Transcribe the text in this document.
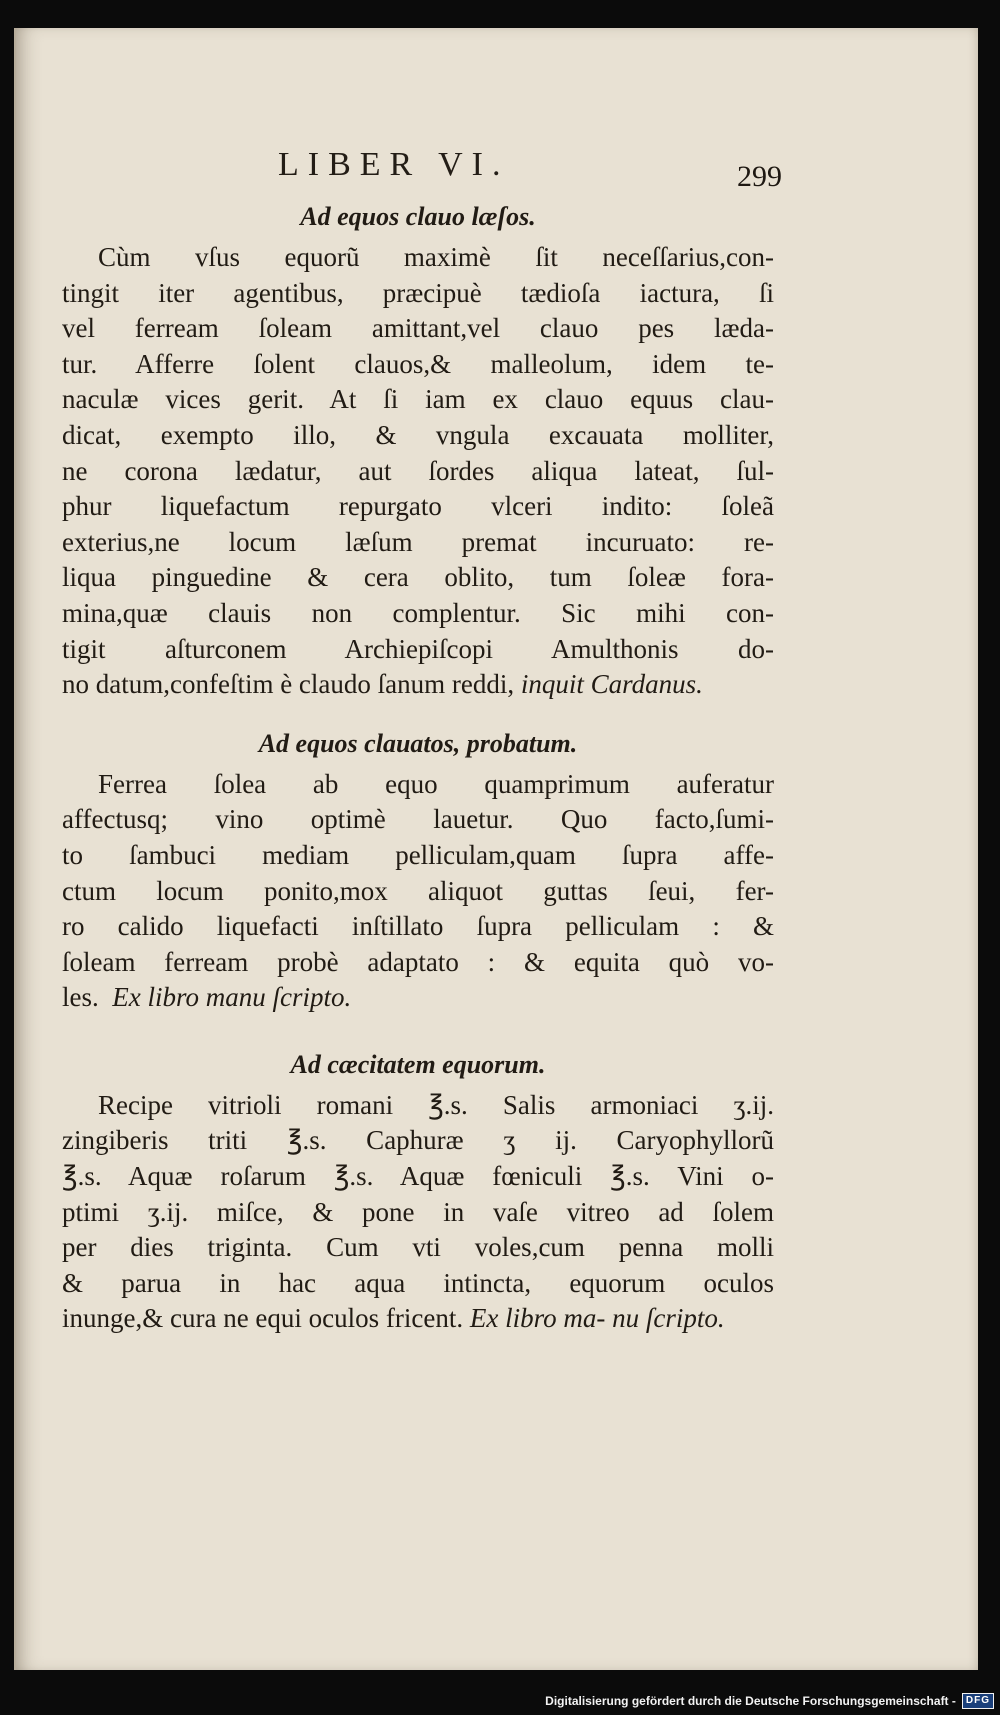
LIBER VI.	299
Ad equos clauo læſos.

Cùm vſus equorũ maximè ſit neceſſarius,con-
tingit iter agentibus, præcipuè tædioſa iactura, ſi
vel ferream ſoleam amittant,vel clauo pes læda-
tur. Afferre ſolent clauos,& malleolum, idem te-
naculæ vices gerit. At ſi iam ex clauo equus clau-
dicat, exempto illo, & vngula excauata molliter,
ne corona lædatur, aut ſordes aliqua lateat, ſul-
phur liquefactum repurgato vlceri indito: ſoleã
exterius,ne locum læſum premat incuruato: re-
liqua pinguedine & cera oblito, tum ſoleæ fora-
mina,quæ clauis non complentur. Sic mihi con-
tigit aſturconem Archiepiſcopi Amulthonis do-
no datum,confeſtim è claudo ſanum reddi, inquit Cardanus.

Ad equos clauatos, probatum.

Ferrea ſolea ab equo quamprimum auferatur
affectusq; vino optimè lauetur. Quo facto,ſumi-
to ſambuci mediam pelliculam,quam ſupra affe-
ctum locum ponito,mox aliquot guttas ſeui, fer-
ro calido liquefacti inſtillato ſupra pelliculam : &
ſoleam ferream probè adaptato : & equita quò vo-
les. Ex libro manu ſcripto.

Ad cæcitatem equorum.

Recipe vitrioli romani ℥.s. Salis armoniaci ʒ.ij.
zingiberis triti ℥.s. Caphuræ ʒ ij. Caryophyllorũ
℥.s. Aquæ roſarum ℥.s. Aquæ fœniculi ℥.s. Vini o-
ptimi ʒ.ij. miſce, & pone in vaſe vitreo ad ſolem
per dies triginta. Cum vti voles,cum penna molli
& parua in hac aqua intincta, equorum oculos
inunge,& cura ne equi oculos fricent. Ex libro ma- nu ſcripto.

Digitalisierung gefördert durch die Deutsche Forschungsgemeinschaft -	DFG
